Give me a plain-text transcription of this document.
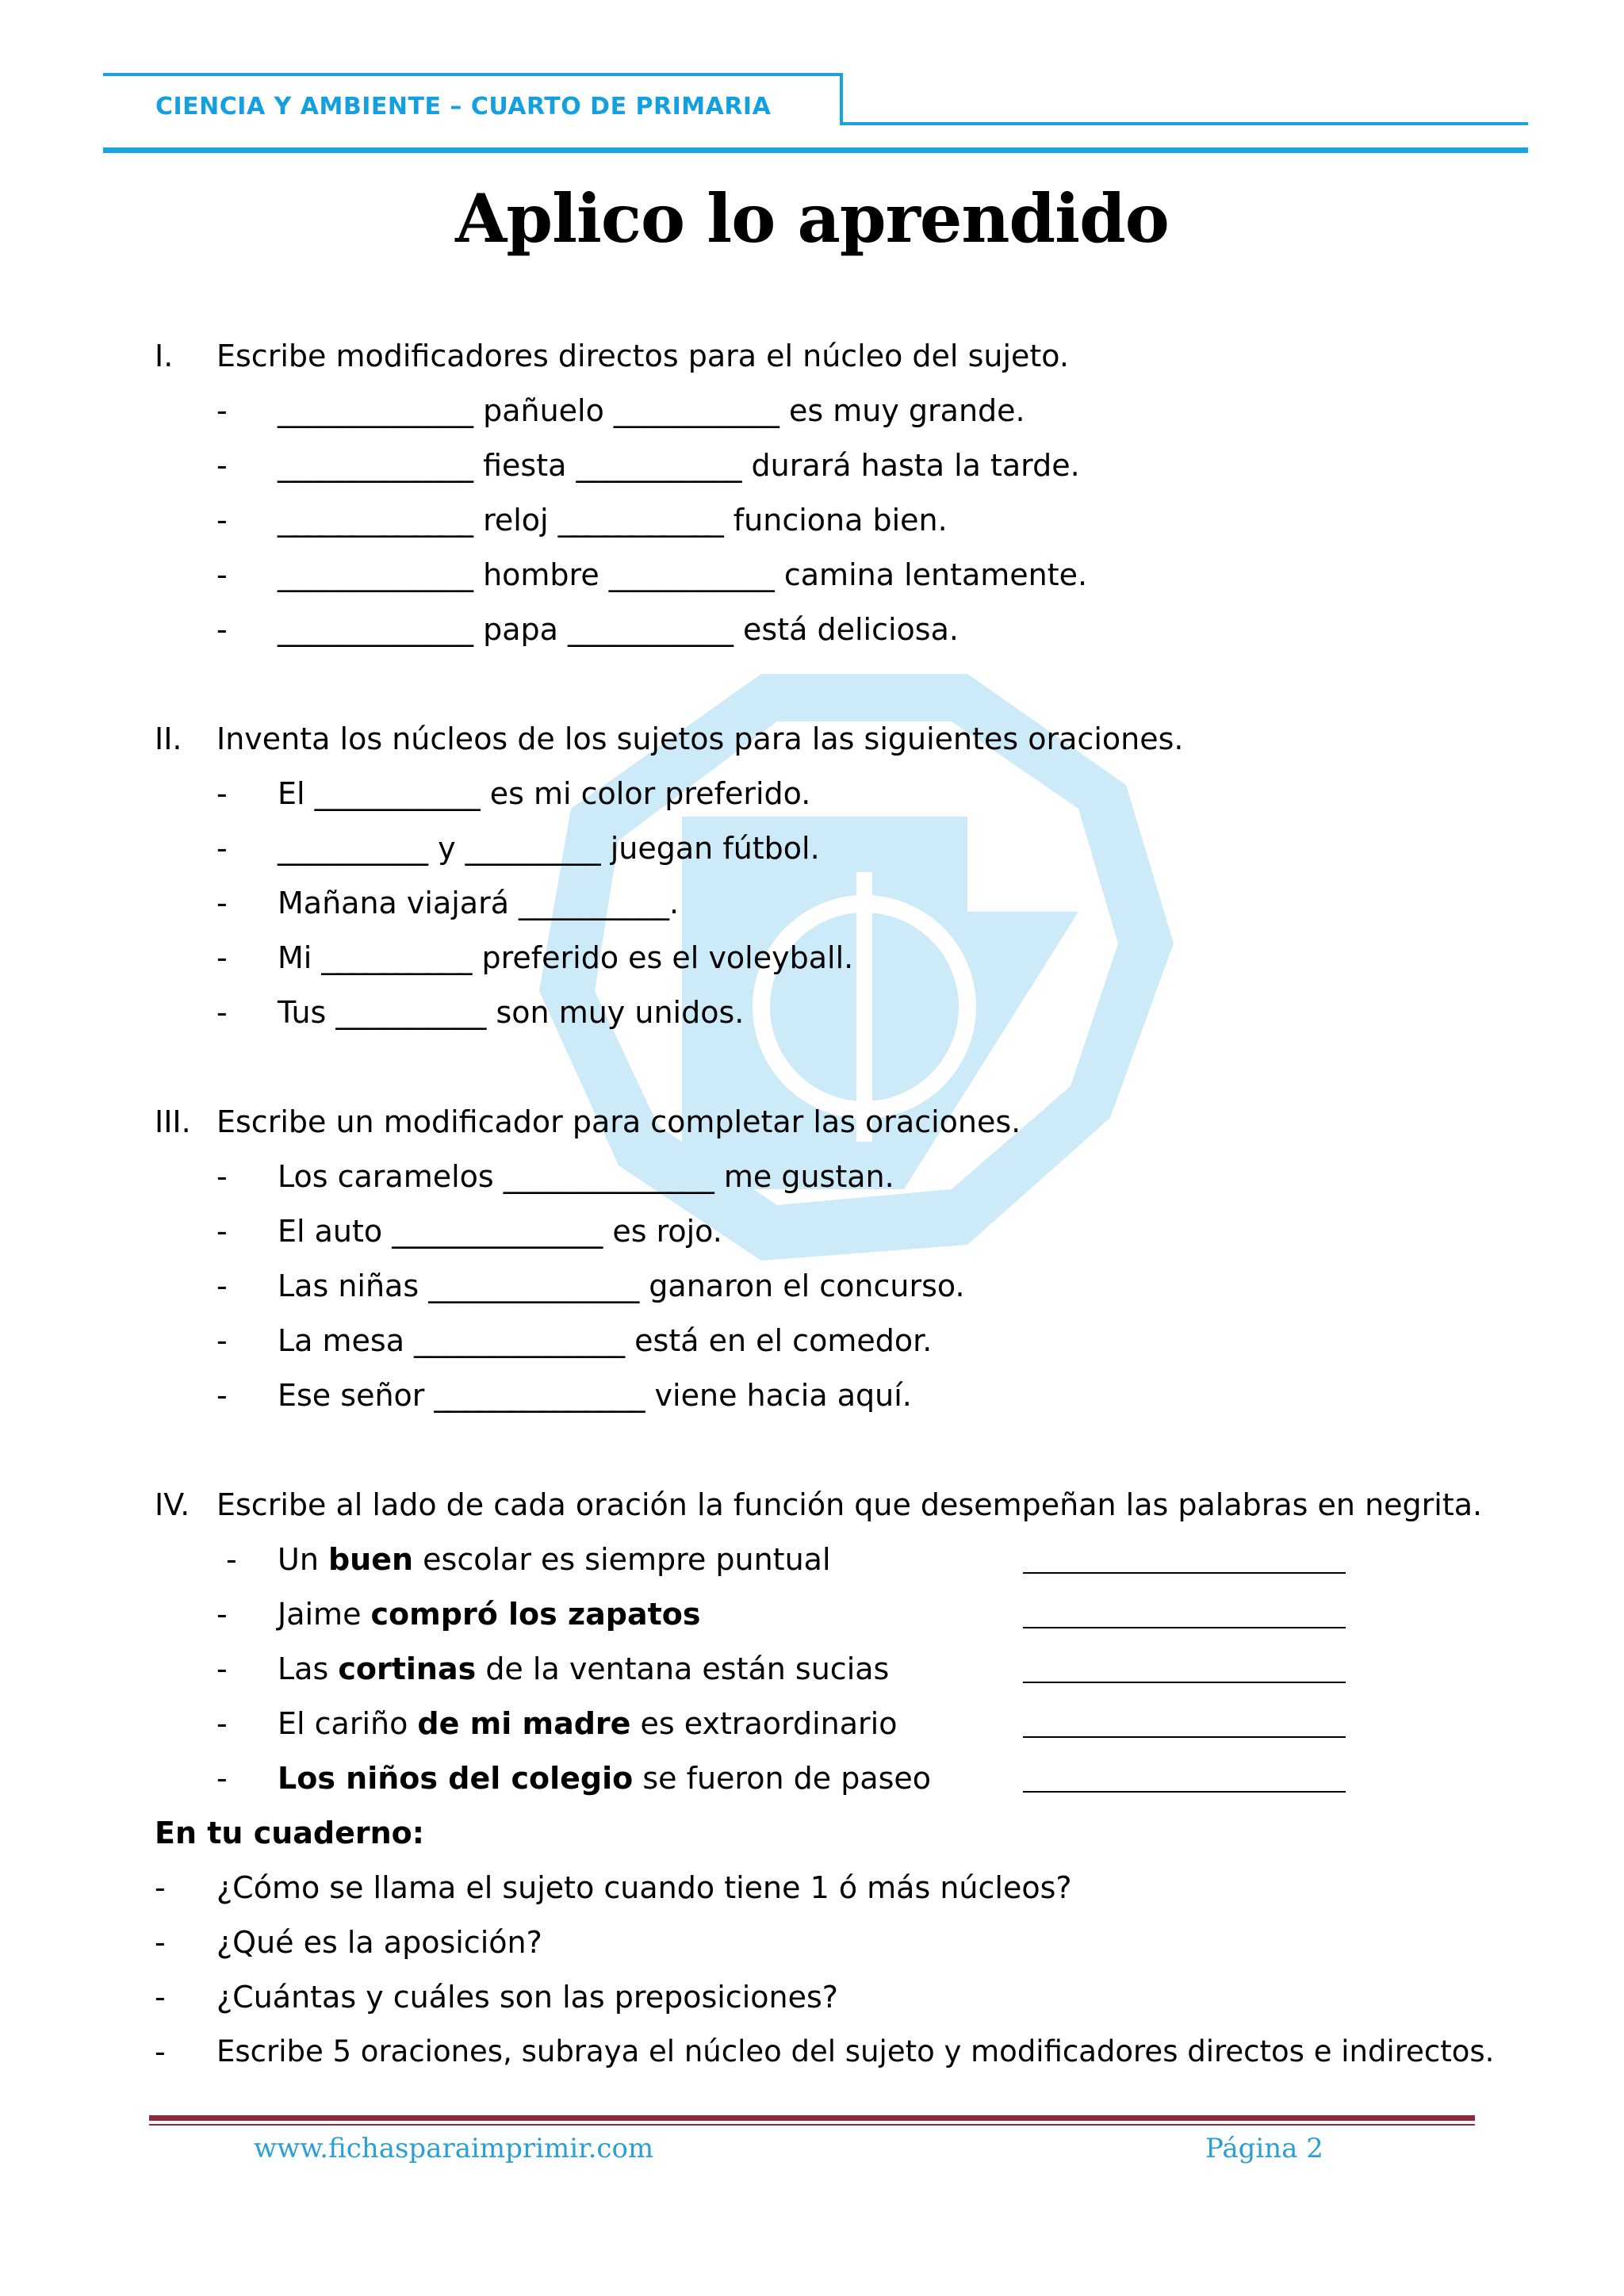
CIENCIA Y AMBIENTE – CUARTO DE PRIMARIA

Aplico lo aprendido
I. Escribe modificadores directos para el núcleo del sujeto.
- _____________ pañuelo ___________ es muy grande.
- _____________ fiesta ___________ durará hasta la tarde.
- _____________ reloj ___________ funciona bien.
- _____________ hombre ___________ camina lentamente.
- _____________ papa ___________ está deliciosa.
II. Inventa los núcleos de los sujetos para las siguientes oraciones.
- El ___________ es mi color preferido.
- __________ y _________ juegan fútbol.
- Mañana viajará __________.
- Mi __________ preferido es el voleyball.
- Tus __________ son muy unidos.
III. Escribe un modificador para completar las oraciones.
- Los caramelos ______________ me gustan.
- El auto ______________ es rojo.
- Las niñas ______________ ganaron el concurso.
- La mesa ______________ está en el comedor.
- Ese señor ______________ viene hacia aquí.
IV. Escribe al lado de cada oración la función que desempeñan las palabras en negrita.
- Un buen escolar es siempre puntual
- Jaime compró los zapatos
- Las cortinas de la ventana están sucias
- El cariño de mi madre es extraordinario
- Los niños del colegio se fueron de paseo
En tu cuaderno:
- ¿Cómo se llama el sujeto cuando tiene 1 ó más núcleos?
- ¿Qué es la aposición?
- ¿Cuántas y cuáles son las preposiciones?
- Escribe 5 oraciones, subraya el núcleo del sujeto y modificadores directos e indirectos.
www.fichasparaimprimir.com	Página 2
